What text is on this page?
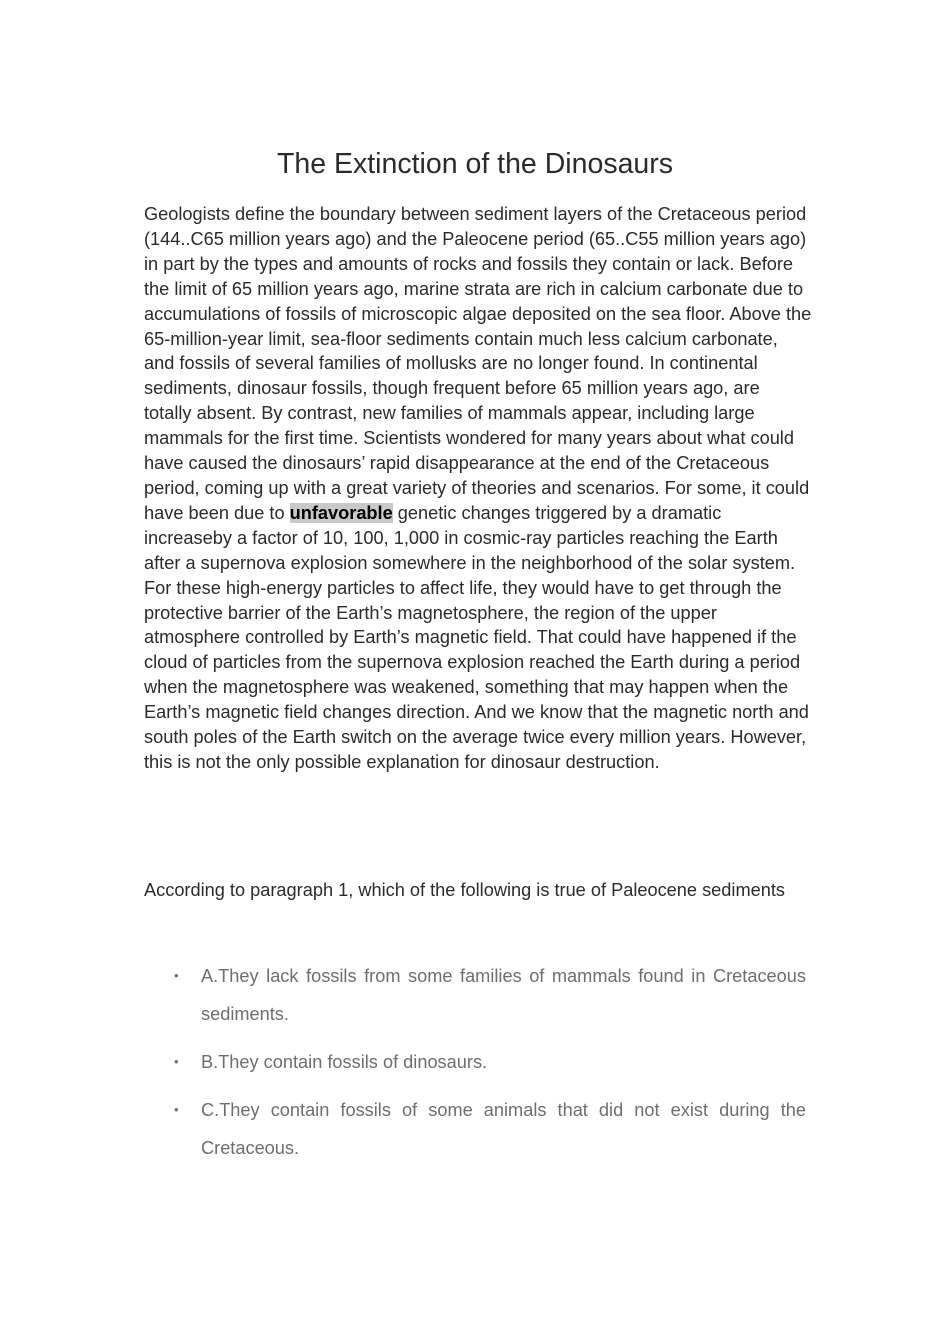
The Extinction of the Dinosaurs

Geologists define the boundary between sediment layers of the Cretaceous period (144..C65 million years ago) and the Paleocene period (65..C55 million years ago) in part by the types and amounts of rocks and fossils they contain or lack. Before the limit of 65 million years ago, marine strata are rich in calcium carbonate due to accumulations of fossils of microscopic algae deposited on the sea floor. Above the 65-million-year limit, sea-floor sediments contain much less calcium carbonate, and fossils of several families of mollusks are no longer found. In continental sediments, dinosaur fossils, though frequent before 65 million years ago, are totally absent. By contrast, new families of mammals appear, including large mammals for the first time. Scientists wondered for many years about what could have caused the dinosaurs’ rapid disappearance at the end of the Cretaceous period, coming up with a great variety of theories and scenarios. For some, it could have been due to unfavorable genetic changes triggered by a dramatic increaseby a factor of 10, 100, 1,000 in cosmic-ray particles reaching the Earth after a supernova explosion somewhere in the neighborhood of the solar system. For these high-energy particles to affect life, they would have to get through the protective barrier of the Earth’s magnetosphere, the region of the upper atmosphere controlled by Earth’s magnetic field. That could have happened if the cloud of particles from the supernova explosion reached the Earth during a period when the magnetosphere was weakened, something that may happen when the Earth’s magnetic field changes direction. And we know that the magnetic north and south poles of the Earth switch on the average twice every million years. However, this is not the only possible explanation for dinosaur destruction.

According to paragraph 1, which of the following is true of Paleocene sediments

• A.They lack fossils from some families of mammals found in Cretaceous sediments.
• B.They contain fossils of dinosaurs.
• C.They contain fossils of some animals that did not exist during the Cretaceous.
